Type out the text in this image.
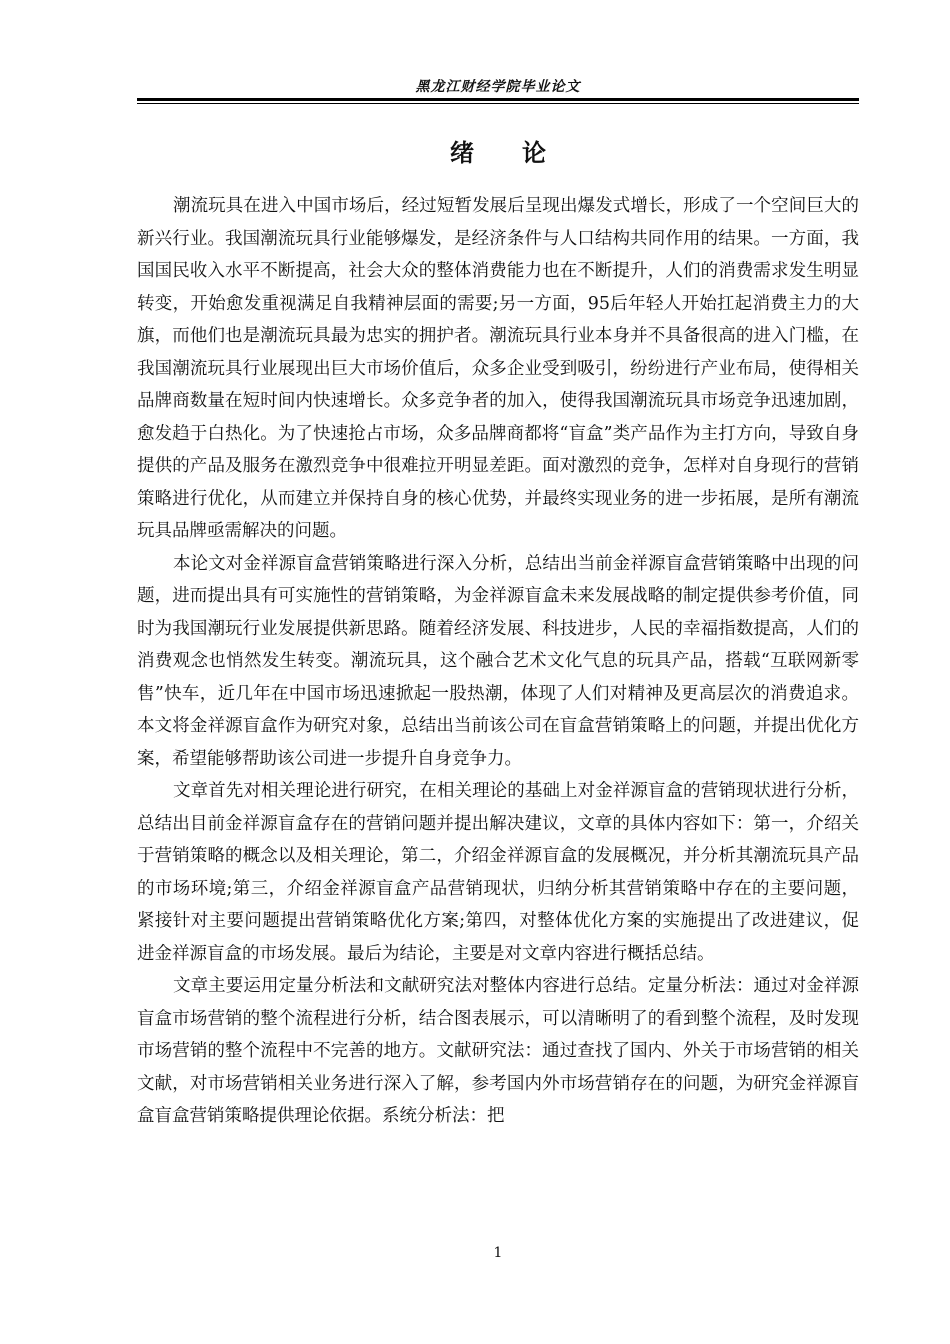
黑龙江财经学院毕业论文
绪论

潮流玩具在进入中国市场后，经过短暂发展后呈现出爆发式增长，形成了一个空间巨大的新兴行业。我国潮流玩具行业能够爆发，是经济条件与人口结构共同作用的结果。一方面，我国国民收入水平不断提高，社会大众的整体消费能力也在不断提升，人们的消费需求发生明显转变，开始愈发重视满足自我精神层面的需要;另一方面，95后年轻人开始扛起消费主力的大旗，而他们也是潮流玩具最为忠实的拥护者。潮流玩具行业本身并不具备很高的进入门槛，在我国潮流玩具行业展现出巨大市场价值后，众多企业受到吸引，纷纷进行产业布局，使得相关品牌商数量在短时间内快速增长。众多竞争者的加入，使得我国潮流玩具市场竞争迅速加剧，愈发趋于白热化。为了快速抢占市场，众多品牌商都将“盲盒”类产品作为主打方向，导致自身提供的产品及服务在激烈竞争中很难拉开明显差距。面对激烈的竞争，怎样对自身现行的营销策略进行优化，从而建立并保持自身的核心优势，并最终实现业务的进一步拓展，是所有潮流玩具品牌亟需解决的问题。

本论文对金祥源盲盒营销策略进行深入分析，总结出当前金祥源盲盒营销策略中出现的问题，进而提出具有可实施性的营销策略，为金祥源盲盒未来发展战略的制定提供参考价值，同时为我国潮玩行业发展提供新思路。随着经济发展、科技进步，人民的幸福指数提高，人们的消费观念也悄然发生转变。潮流玩具，这个融合艺术文化气息的玩具产品，搭载“互联网新零售”快车，近几年在中国市场迅速掀起一股热潮，体现了人们对精神及更高层次的消费追求。本文将金祥源盲盒作为研究对象，总结出当前该公司在盲盒营销策略上的问题，并提出优化方案，希望能够帮助该公司进一步提升自身竞争力。

文章首先对相关理论进行研究，在相关理论的基础上对金祥源盲盒的营销现状进行分析，总结出目前金祥源盲盒存在的营销问题并提出解决建议，文章的具体内容如下：第一，介绍关于营销策略的概念以及相关理论，第二，介绍金祥源盲盒的发展概况，并分析其潮流玩具产品的市场环境;第三，介绍金祥源盲盒产品营销现状，归纳分析其营销策略中存在的主要问题，紧接针对主要问题提出营销策略优化方案;第四，对整体优化方案的实施提出了改进建议，促进金祥源盲盒的市场发展。最后为结论，主要是对文章内容进行概括总结。

文章主要运用定量分析法和文献研究法对整体内容进行总结。定量分析法：通过对金祥源盲盒市场营销的整个流程进行分析，结合图表展示，可以清晰明了的看到整个流程，及时发现市场营销的整个流程中不完善的地方。文献研究法：通过查找了国内、外关于市场营销的相关文献，对市场营销相关业务进行深入了解，参考国内外市场营销存在的问题，为研究金祥源盲盒盲盒营销策略提供理论依据。系统分析法：把

1
